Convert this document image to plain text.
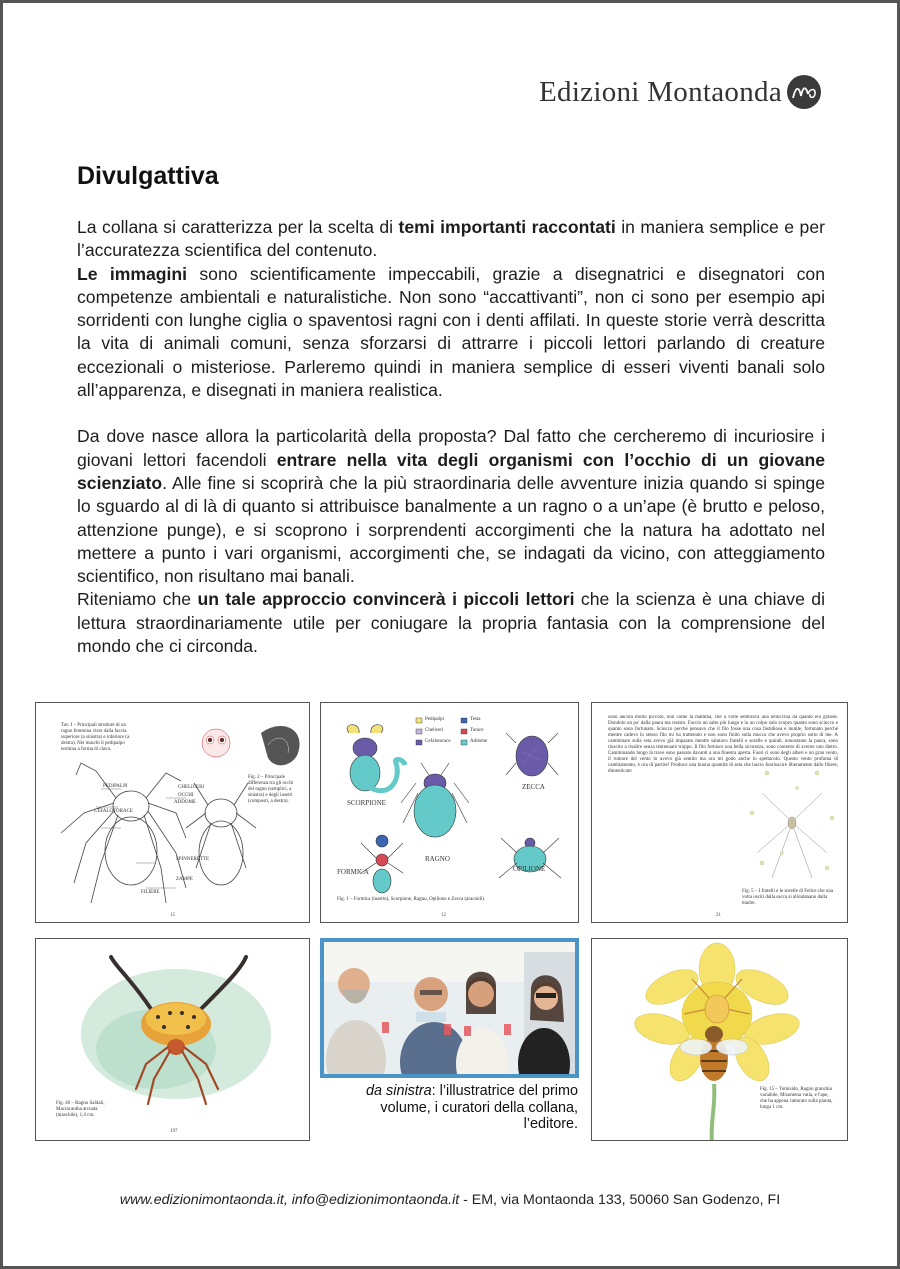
Edizioni Montaonda
Divulgattiva

La collana si caratterizza per la scelta di temi importanti raccontati in maniera semplice e per l’accuratezza scientifica del contenuto.

Le immagini sono scientificamente impeccabili, grazie a disegnatrici e disegnatori con competenze ambientali e naturalistiche. Non sono “accattivanti”, non ci sono per esempio api sorridenti con lunghe ciglia o spaventosi ragni con i denti affilati. In queste storie verrà descritta la vita di animali comuni, senza sforzarsi di attrarre i piccoli lettori parlando di creature eccezionali o misteriose. Parleremo quindi in maniera semplice di esseri viventi banali solo all’apparenza, e disegnati in maniera realistica.

Da dove nasce allora la particolarità della proposta? Dal fatto che cercheremo di incuriosire i giovani lettori facendoli entrare nella vita degli organismi con l’occhio di un giovane scienziato. Alle fine si scoprirà che la più straordinaria delle avventure inizia quando si spinge lo sguardo al di là di quanto si attribuisce banalmente a un ragno o a un’ape (è brutto e peloso, attenzione punge), e si scoprono i sorprendenti accorgimenti che la natura ha adottato nel mettere a punto i vari organismi, accorgimenti che, se indagati da vicino, con atteggiamento scientifico, non risultano mai banali.

Riteniamo che un tale approccio convincerà i piccoli lettori che la scienza è una chiave di lettura straordinariamente utile per coniugare la propria fantasia con la comprensione del mondo che ci circonda.

Tav. I – Principali strutture di un ragno femmina visto dalla faccia superiore (a sinistra) e inferiore (a destra). Nei maschi il pedipalpo termina a forma di clava.
Fig. 2 – Principale differenza tra gli occhi del ragno (semplici, a sinistra) e degli insetti (composti, a destra).
PEDIPALPI	CHELICERI
OCCHI
CEFALOTORACE
ADDOME
SPINNERETTE
FILIERE
ZAMPE
15
Pedipalpi
Cheliceri
Cefalotorace
Testa
Torace
Addome
SCORPIONE
ZECCA
RAGNO
FORMICA	OPILIONE
Fig. 1 – Formica (insetto), Scorpione, Ragno, Opilione e Zecca (aracnidi).
12
sono ancora molto piccolo, non come la mamma, che a volte sembrava una lenticchia da quanto era grande. Dondolo un po' dalla paura ma resisto. Faccio un salto più lungo e in un colpo solo scopro quanto sono sciocco e quanto sono fortunato. Sciocco perché pensavo che il filo fosse una cosa fastidiosa e inutile, fortunato perché mentre cadevo lo stesso filo mi ha trattenuto e non sono finito sulla mucca che avevo proprio sotto di me. A camminare sulla seta avevo già imparato mentre salutavo fratelli e sorelle e quindi, nonostante la paura, sono riuscito a risalire senza tentennare troppo. Il filo fornisce una bella sicurezza, sono contento di averne uno dietro. Camminando lungo la trave sono passato davanti a una finestra aperta. Fuori ci sono degli alberi e un gran vento, il rumore del vento lo avevo già sentito ma ora mi godo anche lo spettacolo. Questo vento profuma di cambiamento, è ora di partire! Produco una buona quantità di seta che lascio fuoriuscire liberamente dalle filiere, dimenticato
Fig. 5 – I fratelli e le sorelle di Felice che una volta usciti dalla sacca si allontanano dalla madre.
21
Fig. 40 – Ragno Saldali, Macracantha arcuata (maschile), 1,4 cm.
197
Fig. 15 – Tomisido, Ragno granchio variabile, Misumena vatia, e l'ape, che ha appena catturato sulla pianta, lunga 1 cm.
da sinistra: l’illustratrice del primo volume, i curatori della collana, l’editore.
www.edizionimontaonda.it, info@edizionimontaonda.it - EM, via Montaonda 133, 50060 San Godenzo, FI
